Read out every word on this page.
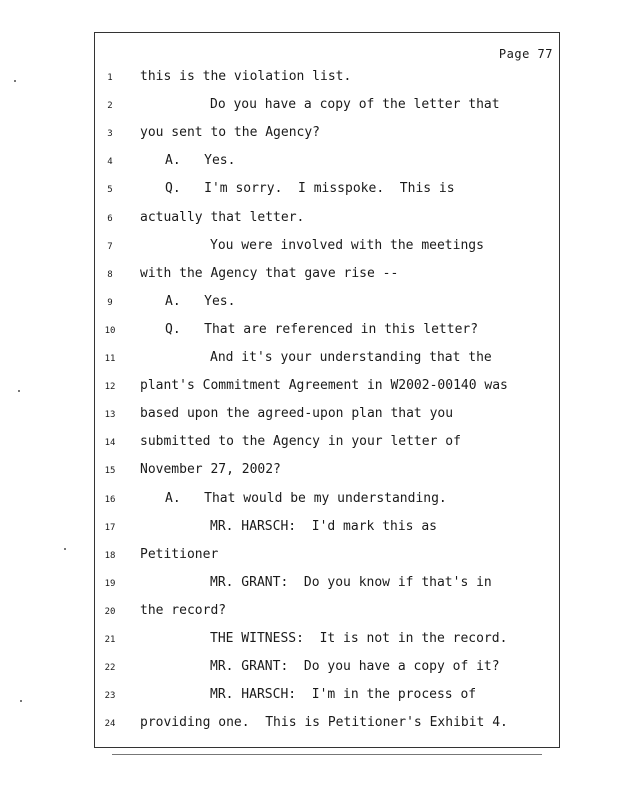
Page 77
1	this is the violation list.
2	Do you have a copy of the letter that
3	you sent to the Agency?
4	A.   Yes.
5	Q.   I'm sorry.  I misspoke.  This is
6	actually that letter.
7	You were involved with the meetings
8	with the Agency that gave rise --
9	A.   Yes.
10	Q.   That are referenced in this letter?
11	And it's your understanding that the
12 plant's Commitment Agreement in W2002-00140 was
13 based upon the agreed-upon plan that you
14 submitted to the Agency in your letter of
15 November 27, 2002?
16	A.   That would be my understanding.
17	MR. HARSCH:  I'd mark this as
18 Petitioner
19	MR. GRANT:  Do you know if that's in
20 the record?
21	THE WITNESS:  It is not in the record.
22	MR. GRANT:  Do you have a copy of it?
23	MR. HARSCH:  I'm in the process of
24 providing one.  This is Petitioner's Exhibit 4.
